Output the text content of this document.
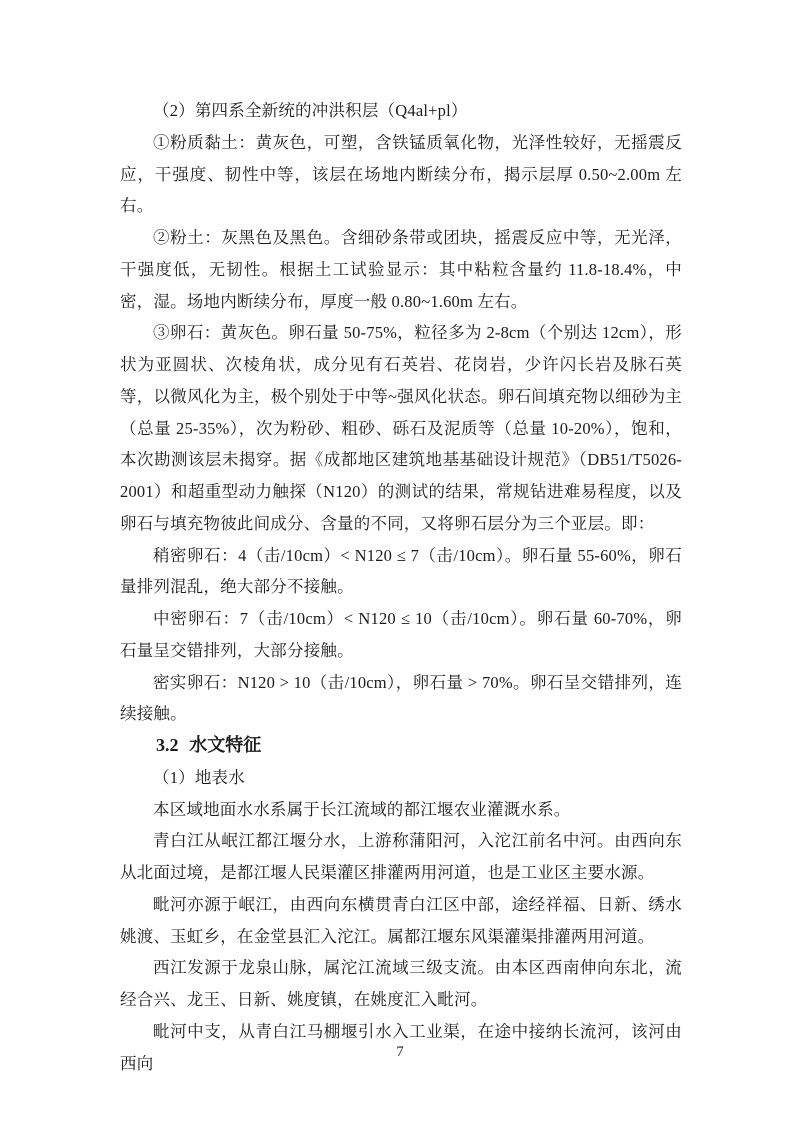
（2）第四系全新统的冲洪积层（Q4al+pl）

①粉质黏土：黄灰色，可塑，含铁锰质氧化物，光泽性较好，无摇震反应，干强度、韧性中等，该层在场地内断续分布，揭示层厚 0.50~2.00m 左右。

②粉土：灰黑色及黑色。含细砂条带或团块，摇震反应中等，无光泽，干强度低，无韧性。根据土工试验显示：其中粘粒含量约 11.8-18.4%，中密，湿。场地内断续分布，厚度一般 0.80~1.60m 左右。

③卵石：黄灰色。卵石量 50-75%，粒径多为 2-8cm（个别达 12cm），形状为亚圆状、次棱角状，成分见有石英岩、花岗岩，少许闪长岩及脉石英等，以微风化为主，极个别处于中等~强风化状态。卵石间填充物以细砂为主（总量 25-35%），次为粉砂、粗砂、砾石及泥质等（总量 10-20%），饱和，本次勘测该层未揭穿。据《成都地区建筑地基基础设计规范》（DB51/T5026-2001）和超重型动力触探（N120）的测试的结果，常规钻进难易程度，以及卵石与填充物彼此间成分、含量的不同，又将卵石层分为三个亚层。即：

稍密卵石：4（击/10cm）< N120 ≤ 7（击/10cm）。卵石量 55-60%，卵石量排列混乱，绝大部分不接触。

中密卵石：7（击/10cm）< N120 ≤ 10（击/10cm）。卵石量 60-70%，卵石量呈交错排列，大部分接触。

密实卵石：N120 > 10（击/10cm），卵石量 > 70%。卵石呈交错排列，连续接触。

3.2 水文特征

（1）地表水

本区域地面水水系属于长江流域的都江堰农业灌溉水系。

青白江从岷江都江堰分水，上游称蒲阳河，入沱江前名中河。由西向东从北面过境，是都江堰人民渠灌区排灌两用河道，也是工业区主要水源。

毗河亦源于岷江，由西向东横贯青白江区中部，途经祥福、日新、绣水姚渡、玉虹乡，在金堂县汇入沱江。属都江堰东风渠灌渠排灌两用河道。

西江发源于龙泉山脉，属沱江流域三级支流。由本区西南伸向东北，流经合兴、龙王、日新、姚度镇，在姚度汇入毗河。

毗河中支，从青白江马棚堰引水入工业渠，在途中接纳长流河，该河由西向

7
